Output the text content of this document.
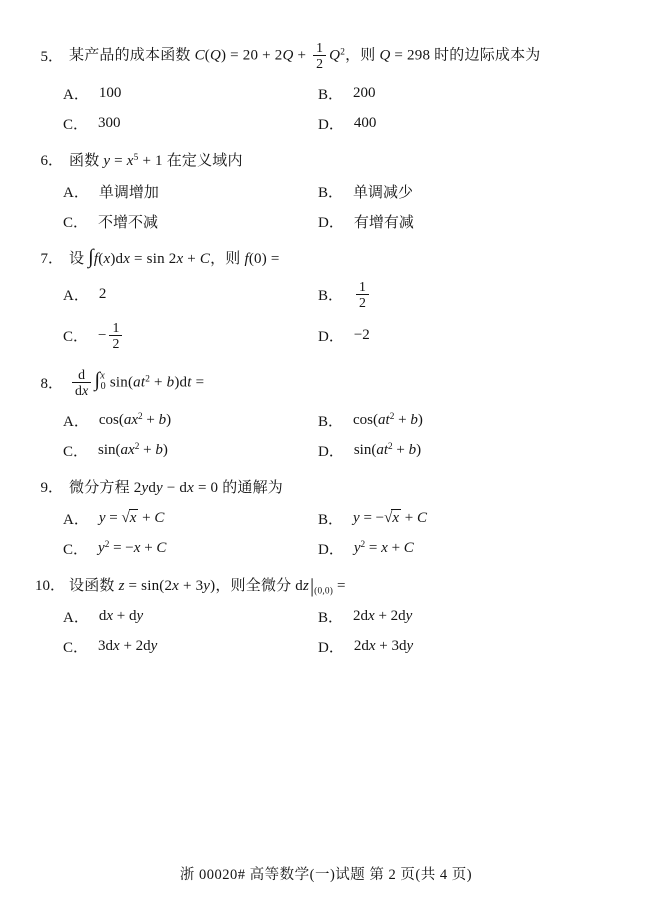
5． 某产品的成本函数 $C(Q) = 20 + 2Q + \frac{1}{2} Q^2$，则 Q = 298 时的边际成本为
A． 100	B． 200
C． 300	D． 400
6． 函数 $y = x^5 + 1$ 在定义域内
A． 单调增加	B． 单调减少
C． 不增不减	D． 有增有减
7． 设 ∫f(x)dx = sin 2x + C，则 f(0) =
A． 2	B． $\frac{1}{2}$
C． − $\frac{1}{2}$	D． −2
8． $\frac{d}{dx} \int^x_0$ $\sin(at^2 + b)dt$ =
A． $\cos(ax^2 + b)$	B． $\cos(at^2 + b)$
C． $\sin(ax^2 + b)$	D． $\sin(at^2 + b)$
9． 微分方程 2ydy − dx = 0 的通解为
A． y = √x + C	B． y = −√x + C
C． $y^2 = -x + C$	D． $y^2 = x + C$
10． 设函数 z = sin(2x + 3y)，则全微分 $dz|_{(0,0)}$ =
A． dx + dy	B． 2dx + 2dy
C． 3dx + 2dy	D． 2dx + 3dy
浙 00020# 高等数学(一)试题 第 2 页(共 4 页)
